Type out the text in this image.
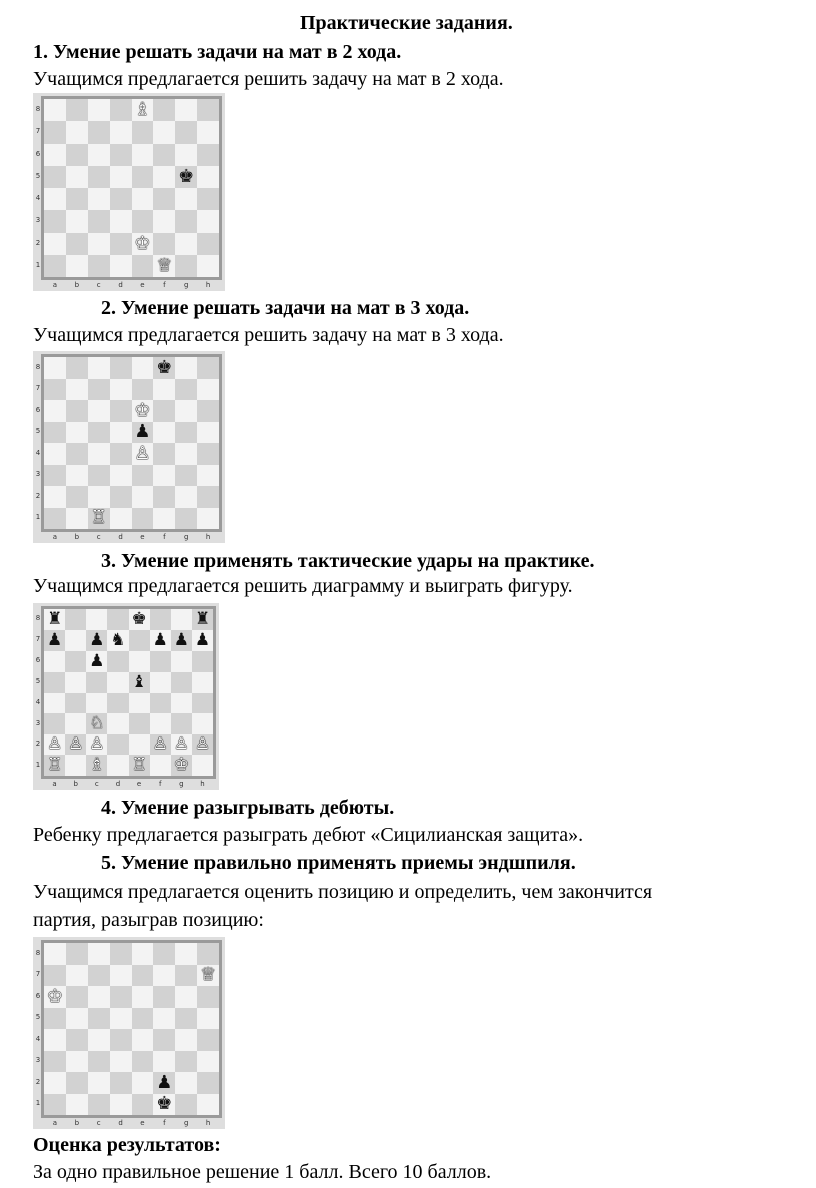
Практические задания.
1. Умение решать задачи на мат в 2 хода.
Учащимся предлагается решить задачу на мат в 2 хода.
♗
♚
♔
♕
8
7
6
5
4
3
2
1
a	b	c	d	e	f	g	h
2. Умение решать задачи на мат в 3 хода.
Учащимся предлагается решить задачу на мат в 3 хода.
♚
♔
♟
♙
♖
8
7
6
5
4
3
2
1
a	b	c	d	e	f	g	h
3. Умение применять тактические удары на практике.
Учащимся предлагается решить диаграмму и выиграть фигуру.
♜	♚	♜
♟ ♟ ♞ ♟ ♟ ♟
♟
♝
♘
♙ ♙ ♙	♙ ♙ ♙
♖ ♗ ♖ ♔
8
7
6
5
4
3
2
1
a	b	c	d	e	f	g	h
4. Умение разыгрывать дебюты.
Ребенку предлагается разыграть дебют «Сицилианская защита».
5. Умение правильно применять приемы эндшпиля.
Учащимся предлагается оценить позицию и определить, чем закончится
партия, разыграв позицию:
♕
♔
♟
♚
8
7
6
5
4
3
2
1
a	b	c	d	e	f	g	h
Оценка результатов:
За одно правильное решение 1 балл. Всего 10 баллов.
